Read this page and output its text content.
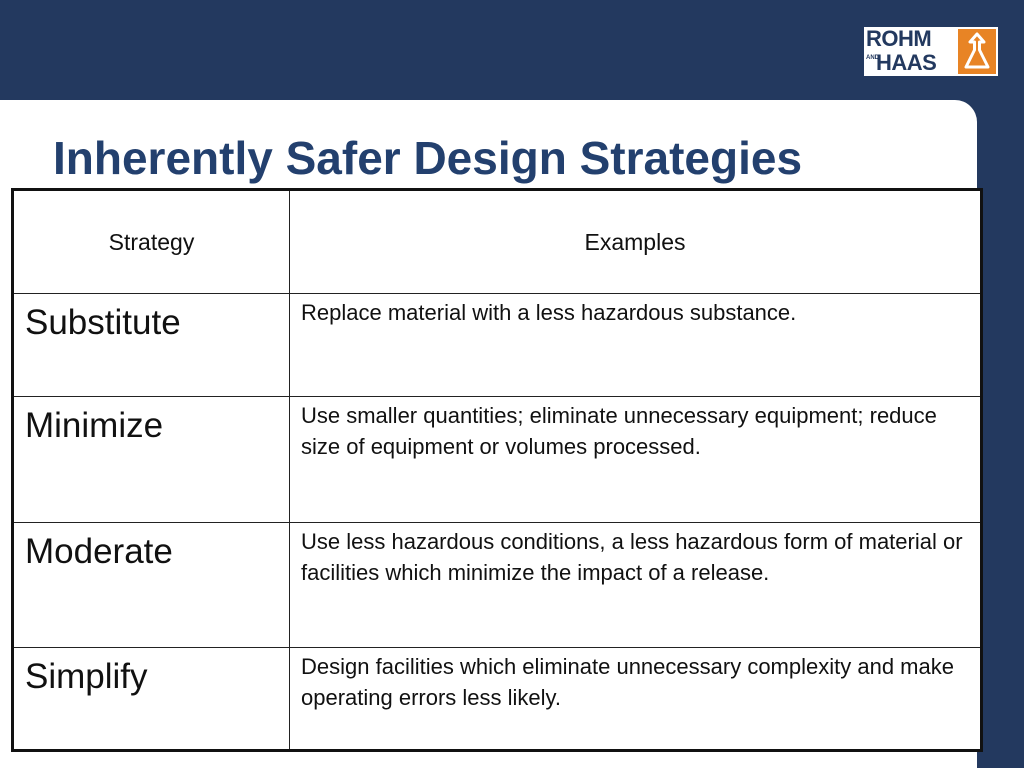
ROHM
AND
HAAS
Inherently Safer Design Strategies
Strategy	Examples
Substitute	Replace material with a less hazardous substance.
Minimize	Use smaller quantities; eliminate unnecessary equipment; reduce size of equipment or volumes processed.
Moderate	Use less hazardous conditions, a less hazardous form of material or facilities which minimize the impact of a release.
Simplify	Design facilities which eliminate unnecessary complexity and make operating errors less likely.
